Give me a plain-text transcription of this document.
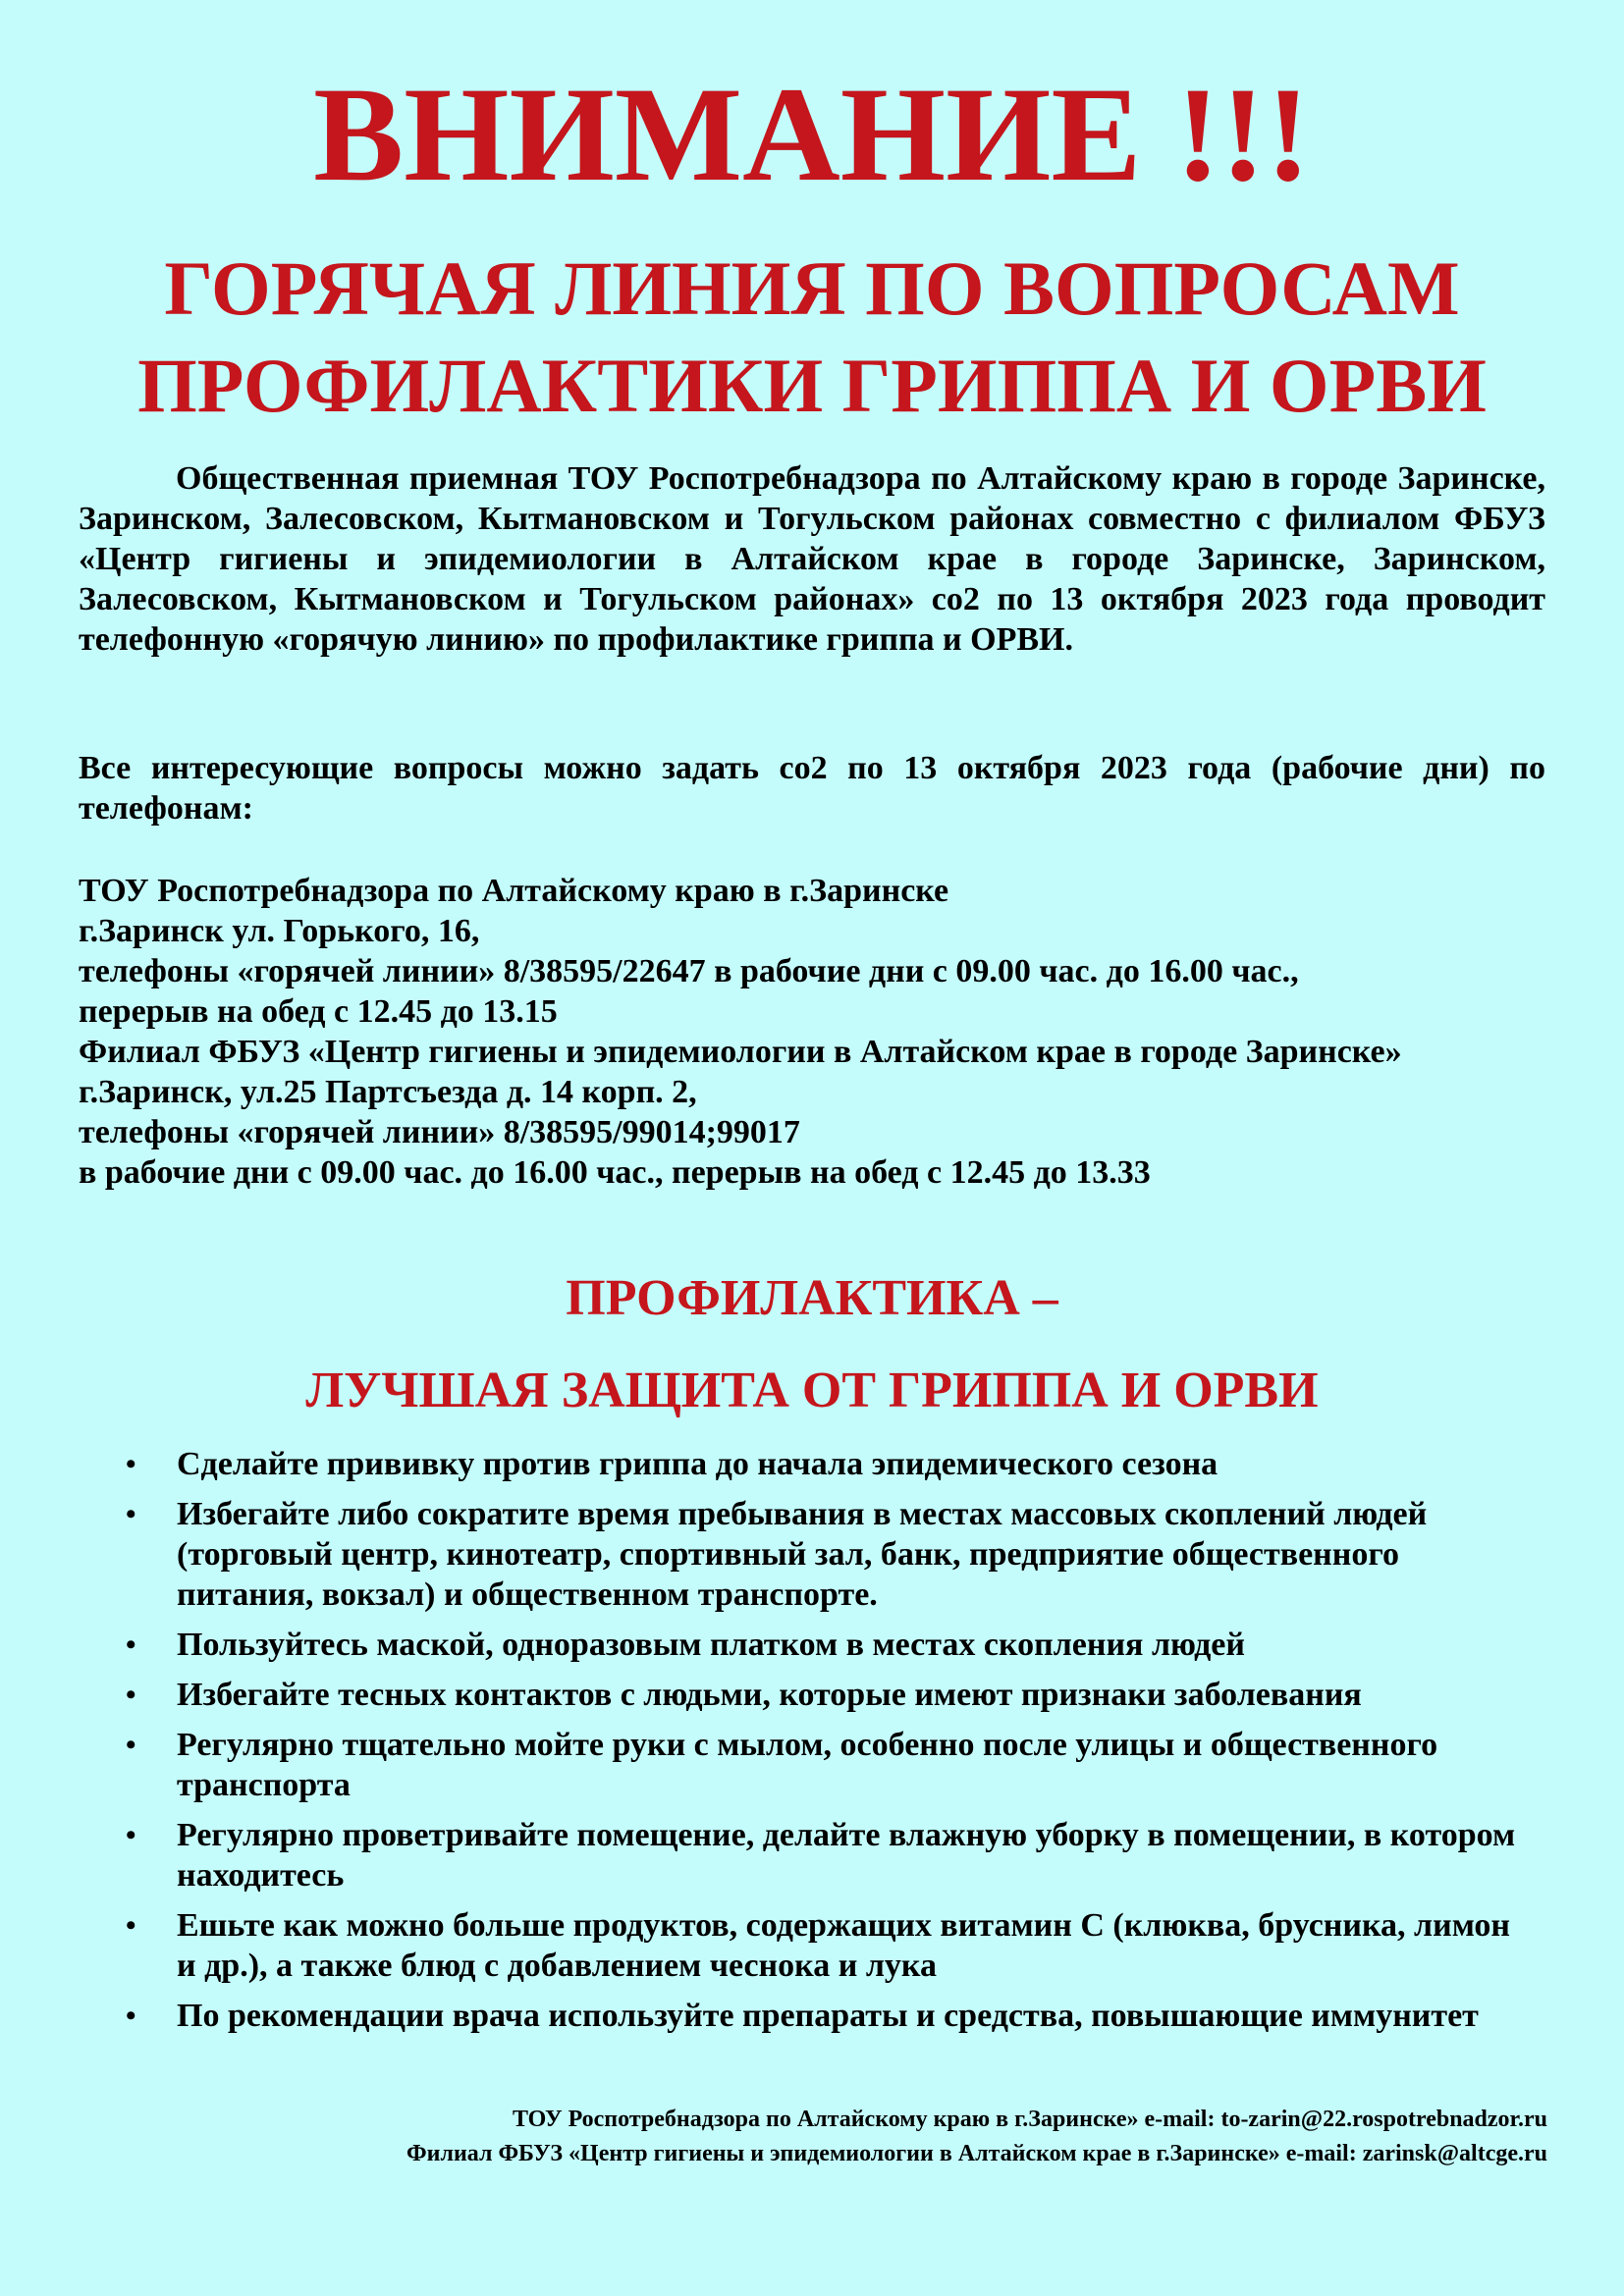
ВНИМАНИЕ !!!
ГОРЯЧАЯ ЛИНИЯ ПО ВОПРОСАМ
ПРОФИЛАКТИКИ ГРИППА И ОРВИ

Общественная приемная ТОУ Роспотребнадзора по Алтайскому краю в городе Заринске, Заринском, Залесовском, Кытмановском и Тогульском районах совместно с филиалом ФБУЗ «Центр гигиены и эпидемиологии в Алтайском крае в городе Заринске, Заринском, Залесовском, Кытмановском и Тогульском районах» со2 по 13 октября 2023 года проводит телефонную «горячую линию» по профилактике гриппа и ОРВИ.

Все интересующие вопросы можно задать со2 по 13 октября 2023 года (рабочие дни) по телефонам:

ТОУ Роспотребнадзора по Алтайскому краю в г.Заринске
г.Заринск ул. Горького, 16,
телефоны «горячей линии» 8/38595/22647 в рабочие дни с 09.00 час. до 16.00 час.,
перерыв на обед с 12.45 до 13.15
Филиал ФБУЗ «Центр гигиены и эпидемиологии в Алтайском крае в городе Заринске»
г.Заринск, ул.25 Партсъезда д. 14 корп. 2,
телефоны «горячей линии» 8/38595/99014;99017
в рабочие дни с 09.00 час. до 16.00 час., перерыв на обед с 12.45 до 13.33
ПРОФИЛАКТИКА –
ЛУЧШАЯ ЗАЩИТА ОТ ГРИППА И ОРВИ
•	Сделайте прививку против гриппа до начала эпидемического сезона
•	Избегайте либо сократите время пребывания в местах массовых скоплений людей (торговый центр, кинотеатр, спортивный зал, банк, предприятие общественного питания, вокзал) и общественном транспорте.
•	Пользуйтесь маской, одноразовым платком в местах скопления людей
•	Избегайте тесных контактов с людьми, которые имеют признаки заболевания
•	Регулярно тщательно мойте руки с мылом, особенно после улицы и общественного транспорта
•	Регулярно проветривайте помещение, делайте влажную уборку в помещении, в котором находитесь
•	Ешьте как можно больше продуктов, содержащих витамин С (клюква, брусника, лимон и др.), а также блюд с добавлением чеснока и лука
•	По рекомендации врача используйте препараты и средства, повышающие иммунитет
ТОУ Роспотребнадзора по Алтайскому краю в г.Заринске» e-mail: to-zarin@22.rospotrebnadzor.ru
Филиал ФБУЗ «Центр гигиены и эпидемиологии в Алтайском крае в г.Заринске» e-mail: zarinsk@altcge.ru
